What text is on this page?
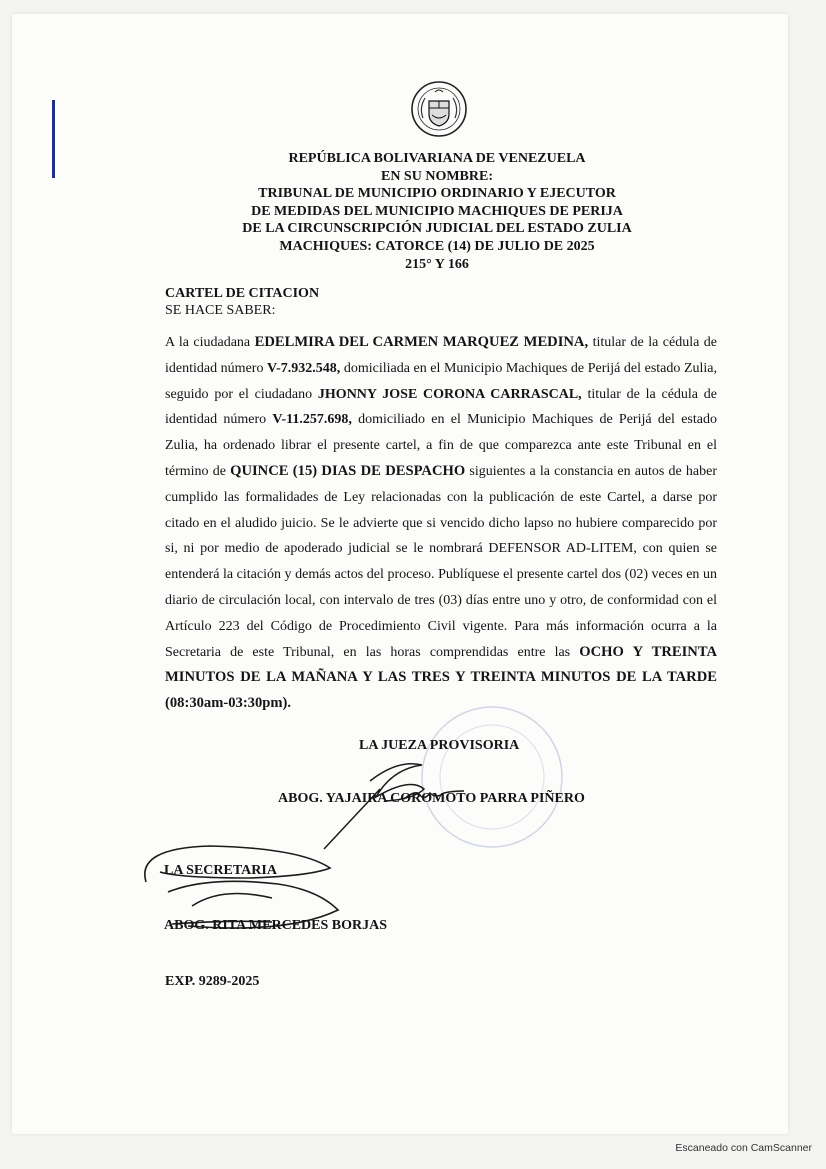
REPÚBLICA BOLIVARIANA DE VENEZUELA
EN SU NOMBRE:
TRIBUNAL DE MUNICIPIO ORDINARIO Y EJECUTOR
DE MEDIDAS DEL MUNICIPIO MACHIQUES DE PERIJA
DE LA CIRCUNSCRIPCIÓN JUDICIAL DEL ESTADO ZULIA
MACHIQUES: CATORCE (14) DE JULIO DE 2025
215° Y 166
CARTEL DE CITACION
SE HACE SABER:
A la ciudadana EDELMIRA DEL CARMEN MARQUEZ MEDINA, titular de la cédula de identidad número V-7.932.548, domiciliada en el Municipio Machiques de Perijá del estado Zulia, seguido por el ciudadano JHONNY JOSE CORONA CARRASCAL, titular de la cédula de identidad número V-11.257.698, domiciliado en el Municipio Machiques de Perijá del estado Zulia, ha ordenado librar el presente cartel, a fin de que comparezca ante este Tribunal en el término de QUINCE (15) DIAS DE DESPACHO siguientes a la constancia en autos de haber cumplido las formalidades de Ley relacionadas con la publicación de este Cartel, a darse por citado en el aludido juicio. Se le advierte que si vencido dicho lapso no hubiere comparecido por si, ni por medio de apoderado judicial se le nombrará DEFENSOR AD-LITEM, con quien se entenderá la citación y demás actos del proceso. Publíquese el presente cartel dos (02) veces en un diario de circulación local, con intervalo de tres (03) días entre uno y otro, de conformidad con el Artículo 223 del Código de Procedimiento Civil vigente. Para más información ocurra a la Secretaria de este Tribunal, en las horas comprendidas entre las OCHO Y TREINTA MINUTOS DE LA MAÑANA Y LAS TRES Y TREINTA MINUTOS DE LA TARDE (08:30am-03:30pm).
LA JUEZA PROVISORIA
ABOG. YAJAIRA COROMOTO PARRA PIÑERO
LA SECRETARIA
ABOG. RITA MERCEDES BORJAS
EXP. 9289-2025
Escaneado con CamScanner
